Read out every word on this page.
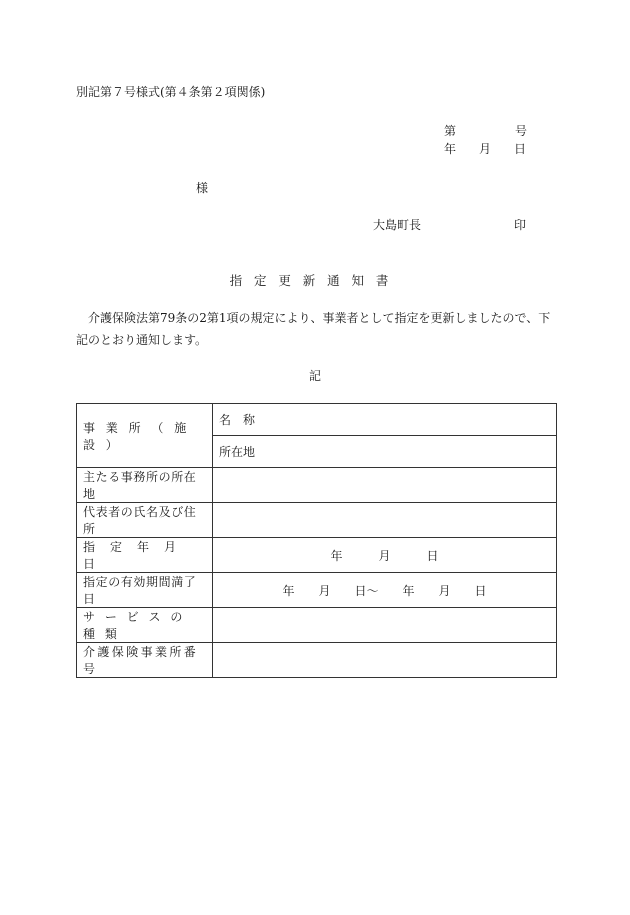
別記第７号様式(第４条第２項関係)
第	号
年 月 日
様
大島町長	印
指定更新通知書
介護保険法第79条の2第1項の規定により、事業者として指定を更新しましたので、下記のとおり通知します。
記
事業所（施設）	名　称
	所在地
主たる事務所の所在地	
代表者の氏名及び住所	
指定年月日	年 月 日
指定の有効期間満了日	年　　月　　日〜　　年　　月　　日
サービスの種類	
介護保険事業所番号	
